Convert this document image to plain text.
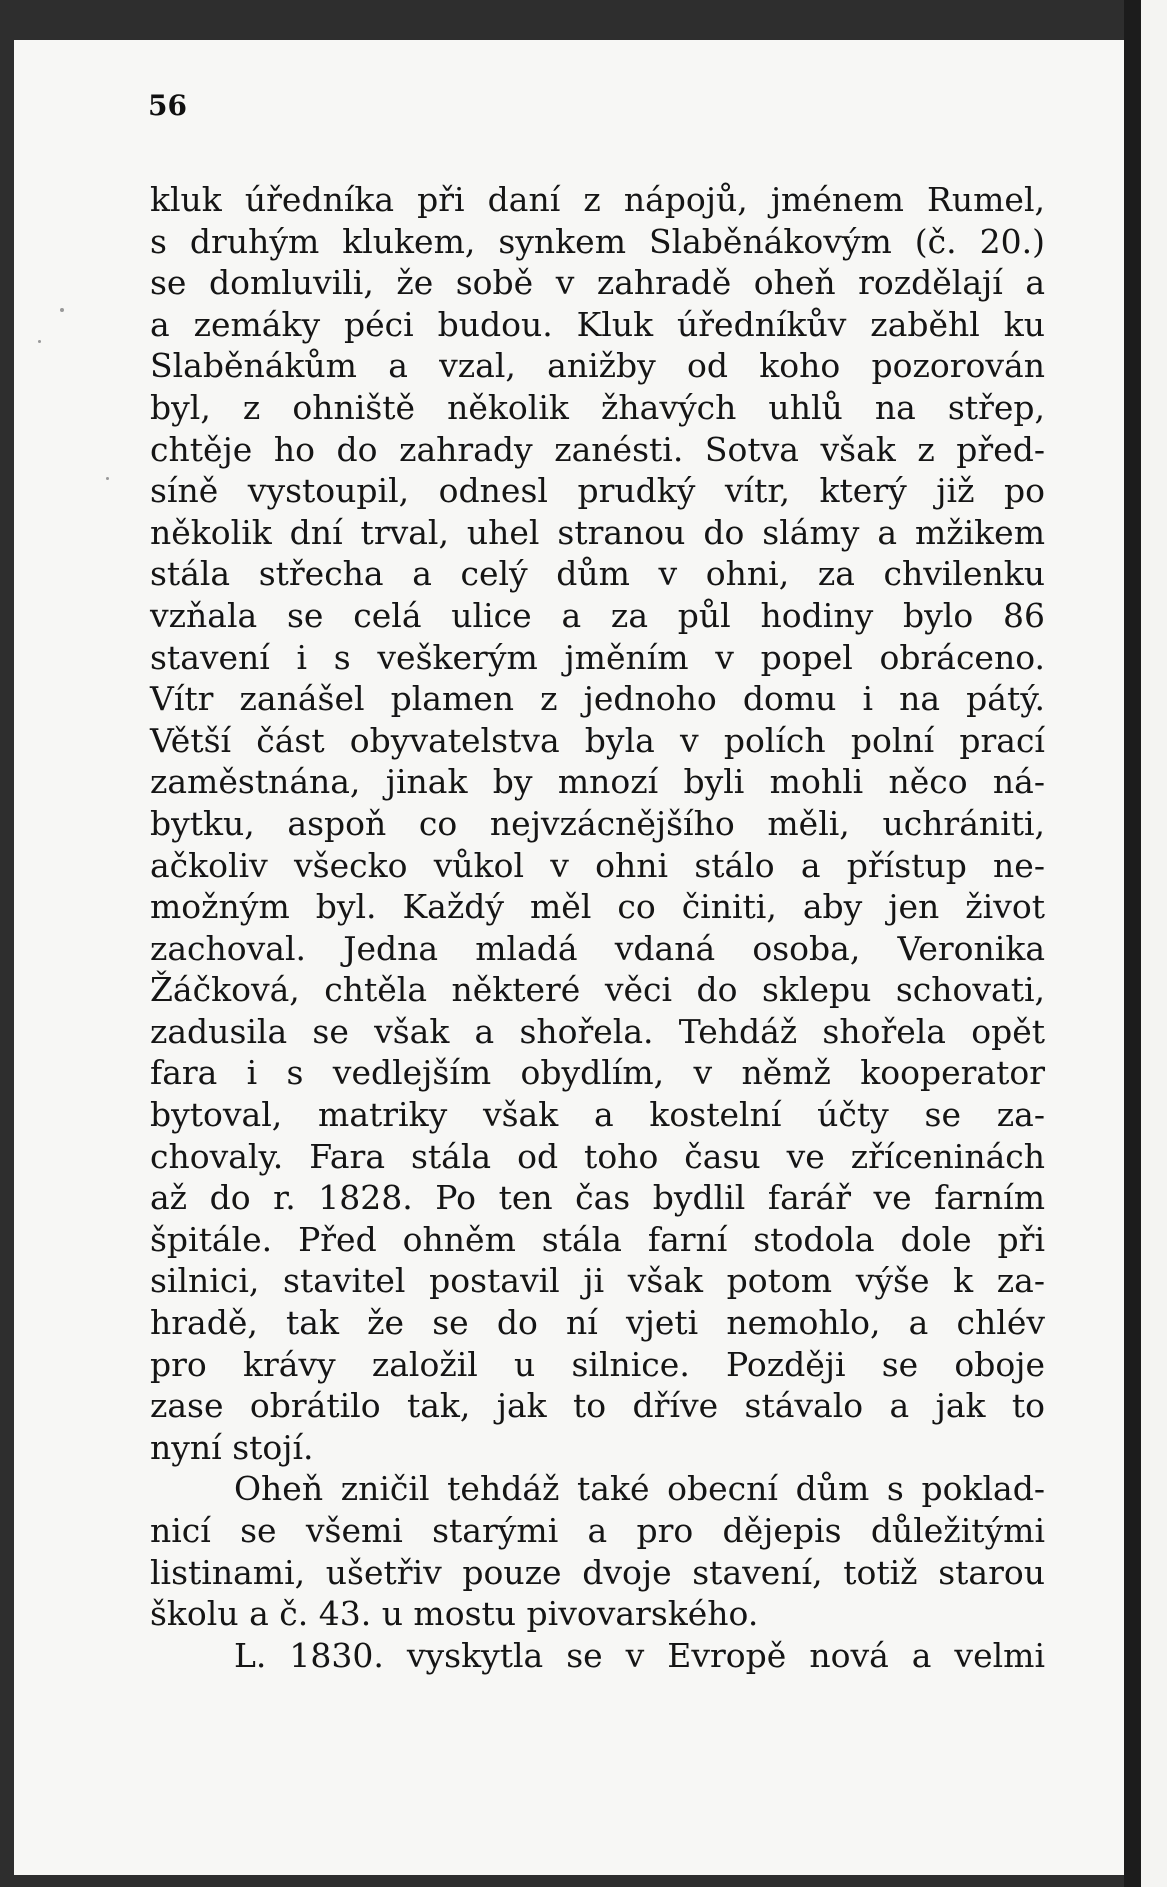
56
kluk úředníka při daní z nápojů, jménem Rumel,
s druhým klukem, synkem Slaběnákovým (č. 20.)
se domluvili, že sobě v zahradě oheň rozdělají a
a zemáky péci budou. Kluk úředníkův zaběhl ku
Slaběnákům a vzal, anižby od koho pozorován
byl, z ohniště několik žhavých uhlů na střep,
chtěje ho do zahrady zanésti. Sotva však z před-
síně vystoupil, odnesl prudký vítr, který již po
několik dní trval, uhel stranou do slámy a mžikem
stála střecha a celý dům v ohni, za chvilenku
vzňala se celá ulice a za půl hodiny bylo 86
stavení i s veškerým jměním v popel obráceno.
Vítr zanášel plamen z jednoho domu i na pátý.
Větší část obyvatelstva byla v polích polní prací
zaměstnána, jinak by mnozí byli mohli něco ná-
bytku, aspoň co nejvzácnějšího měli, uchrániti,
ačkoliv všecko vůkol v ohni stálo a přístup ne-
možným byl. Každý měl co činiti, aby jen život
zachoval. Jedna mladá vdaná osoba, Veronika
Žáčková, chtěla některé věci do sklepu schovati,
zadusila se však a shořela. Tehdáž shořela opět
fara i s vedlejším obydlím, v němž kooperator
bytoval, matriky však a kostelní účty se za-
chovaly. Fara stála od toho času ve zříceninách
až do r. 1828. Po ten čas bydlil farář ve farním
špitále. Před ohněm stála farní stodola dole při
silnici, stavitel postavil ji však potom výše k za-
hradě, tak že se do ní vjeti nemohlo, a chlév
pro krávy založil u silnice. Později se oboje
zase obrátilo tak, jak to dříve stávalo a jak to
nyní stojí.
Oheň zničil tehdáž také obecní dům s poklad-
nicí se všemi starými a pro dějepis důležitými
listinami, ušetřiv pouze dvoje stavení, totiž starou
školu a č. 43. u mostu pivovarského.
L. 1830. vyskytla se v Evropě nová a velmi
